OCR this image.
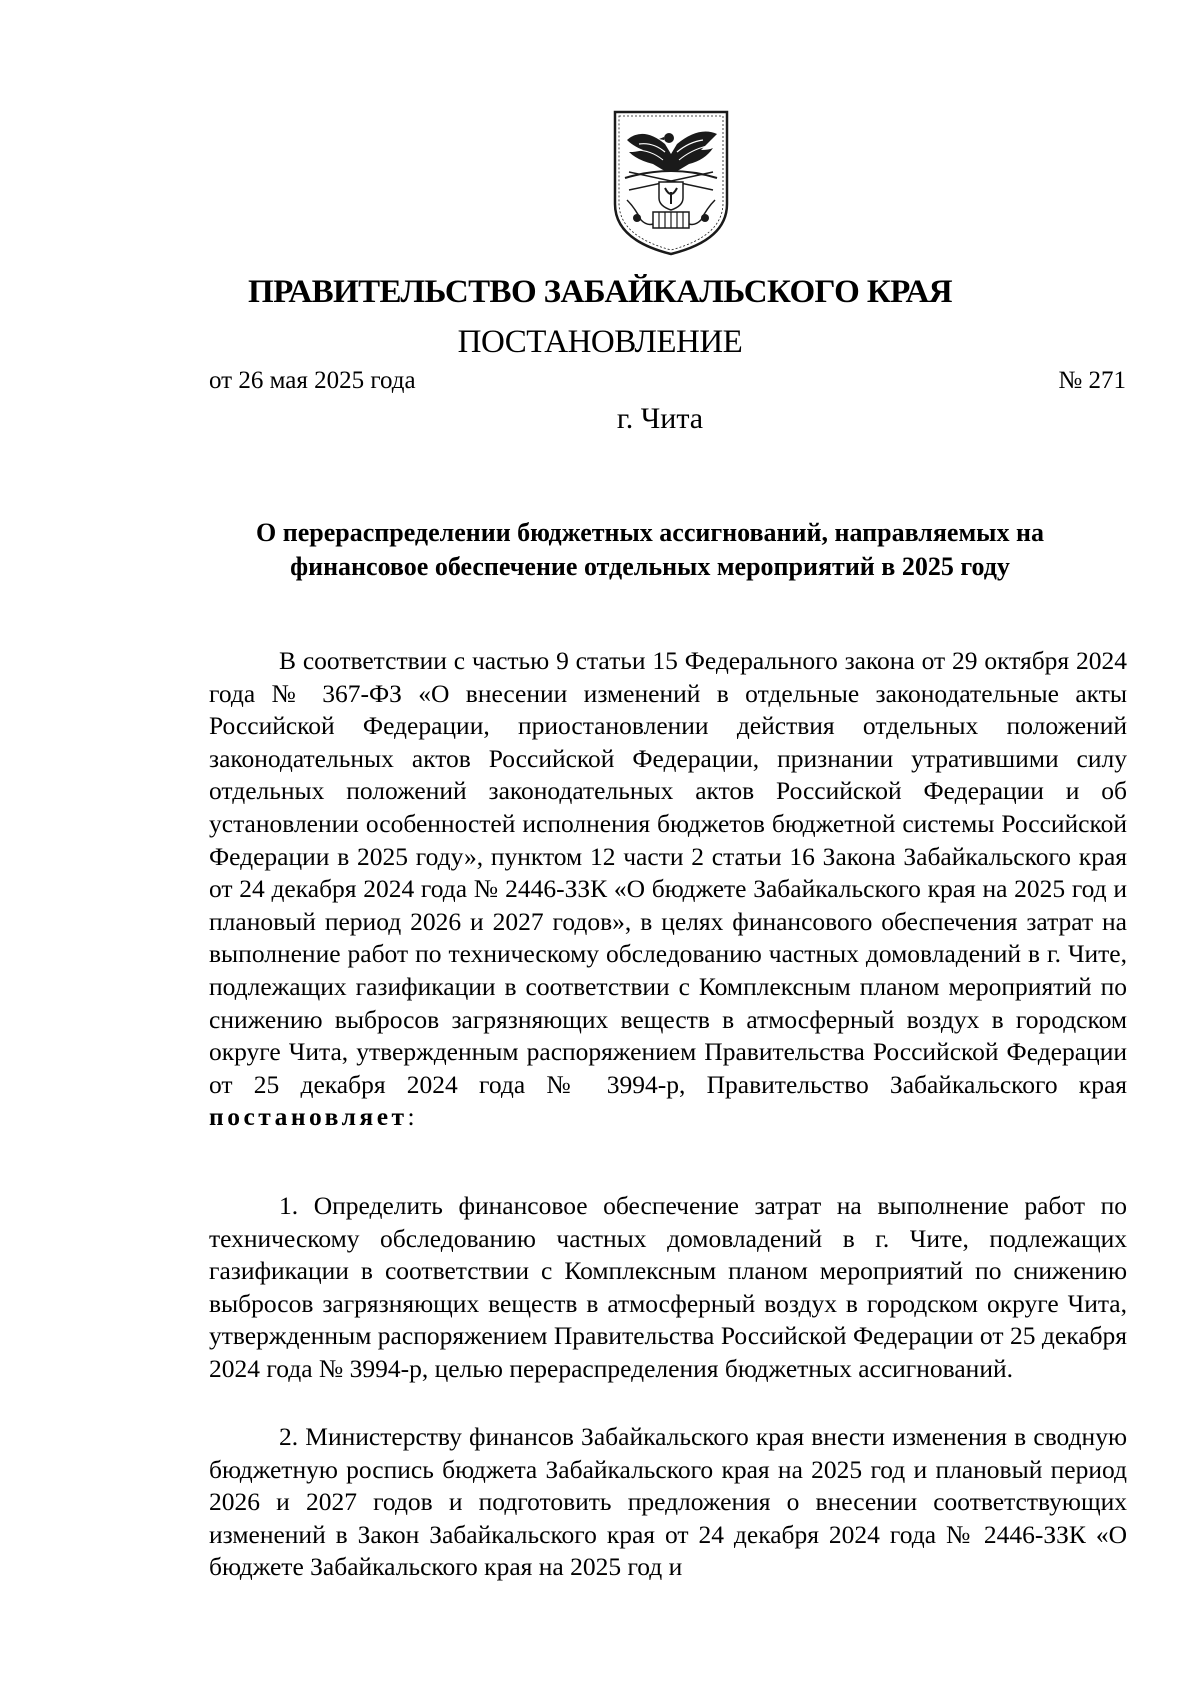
ПРАВИТЕЛЬСТВО ЗАБАЙКАЛЬСКОГО КРАЯ
ПОСТАНОВЛЕНИЕ
от 26 мая 2025 года	№ 271
г. Чита
О перераспределении бюджетных ассигнований, направляемых на
финансовое обеспечение отдельных мероприятий в 2025 году
В соответствии с частью 9 статьи 15 Федерального закона от 29 октября 2024 года № 367-ФЗ «О внесении изменений в отдельные законодательные акты Российской Федерации, приостановлении действия отдельных положений законодательных актов Российской Федерации, признании утратившими силу отдельных положений законодательных актов Российской Федерации и об установлении особенностей исполнения бюджетов бюджетной системы Российской Федерации в 2025 году», пунктом 12 части 2 статьи 16 Закона Забайкальского края от 24 декабря 2024 года № 2446-ЗЗК «О бюджете Забайкальского края на 2025 год и плановый период 2026 и 2027 годов», в целях финансового обеспечения затрат на выполнение работ по техническому обследованию частных домовладений в г. Чите, подлежащих газификации в соответствии с Комплексным планом мероприятий по снижению выбросов загрязняющих веществ в атмосферный воздух в городском округе Чита, утвержденным распоряжением Правительства Российской Федерации от 25 декабря 2024 года № 3994-р, Правительство Забайкальского края постановляет:
1. Определить финансовое обеспечение затрат на выполнение работ по техническому обследованию частных домовладений в г. Чите, подлежащих газификации в соответствии с Комплексным планом мероприятий по снижению выбросов загрязняющих веществ в атмосферный воздух в городском округе Чита, утвержденным распоряжением Правительства Российской Федерации от 25 декабря 2024 года № 3994-р, целью перераспределения бюджетных ассигнований.
2. Министерству финансов Забайкальского края внести изменения в сводную бюджетную роспись бюджета Забайкальского края на 2025 год и плановый период 2026 и 2027 годов и подготовить предложения о внесении соответствующих изменений в Закон Забайкальского края от 24 декабря 2024 года № 2446-ЗЗК «О бюджете Забайкальского края на 2025 год и
